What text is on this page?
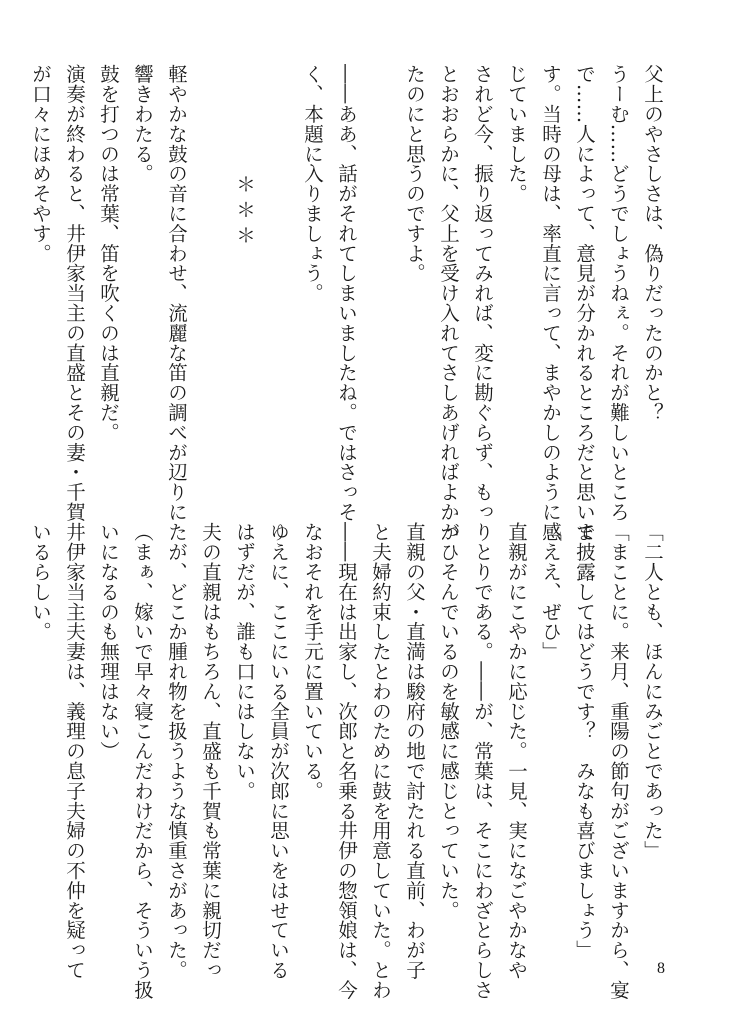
父上のやさしさは、偽りだったのかと？
うーむ……どうでしょうねぇ。それが難しいところ
で……人によって、意見が分かれるところだと思いま
す。当時の母は、率直に言って、まやかしのように感
じていました。
されど今、振り返ってみれば、変に勘ぐらず、もっ
とおおらかに、父上を受け入れてさしあげればよかっ
たのにと思うのですよ。
――ああ、話がそれてしまいましたね。ではさっそ
く、本題に入りましょう。
＊＊＊
軽やかな鼓の音に合わせ、流麗な笛の調べが辺りに
響きわたる。
鼓を打つのは常葉、笛を吹くのは直親だ。
演奏が終わると、井伊家当主の直盛とその妻・千賀
が口々にほめそやす。
「二人とも、ほんにみごとであった」
「まことに。来月、重陽の節句がございますから、宴
で披露してはどうです？　みなも喜びましょう」
「ええ、ぜひ」
直親がにこやかに応じた。一見、実になごやかなや
りとりである。――が、常葉は、そこにわざとらしさ
がひそんでいるのを敏感に感じとっていた。
直親の父・直満は駿府の地で討たれる直前、わが子
と夫婦約束したとわのために鼓を用意していた。とわ
――現在は出家し、次郎と名乗る井伊の惣領娘は、今
なおそれを手元に置いている。
ゆえに、ここにいる全員が次郎に思いをはせている
はずだが、誰も口にはしない。
夫の直親はもちろん、直盛も千賀も常葉に親切だっ
たが、どこか腫れ物を扱うような慎重さがあった。
（まぁ、嫁いで早々寝こんだわけだから、そういう扱
いになるのも無理はない）
井伊家当主夫妻は、義理の息子夫婦の不仲を疑って
いるらしい。
8
